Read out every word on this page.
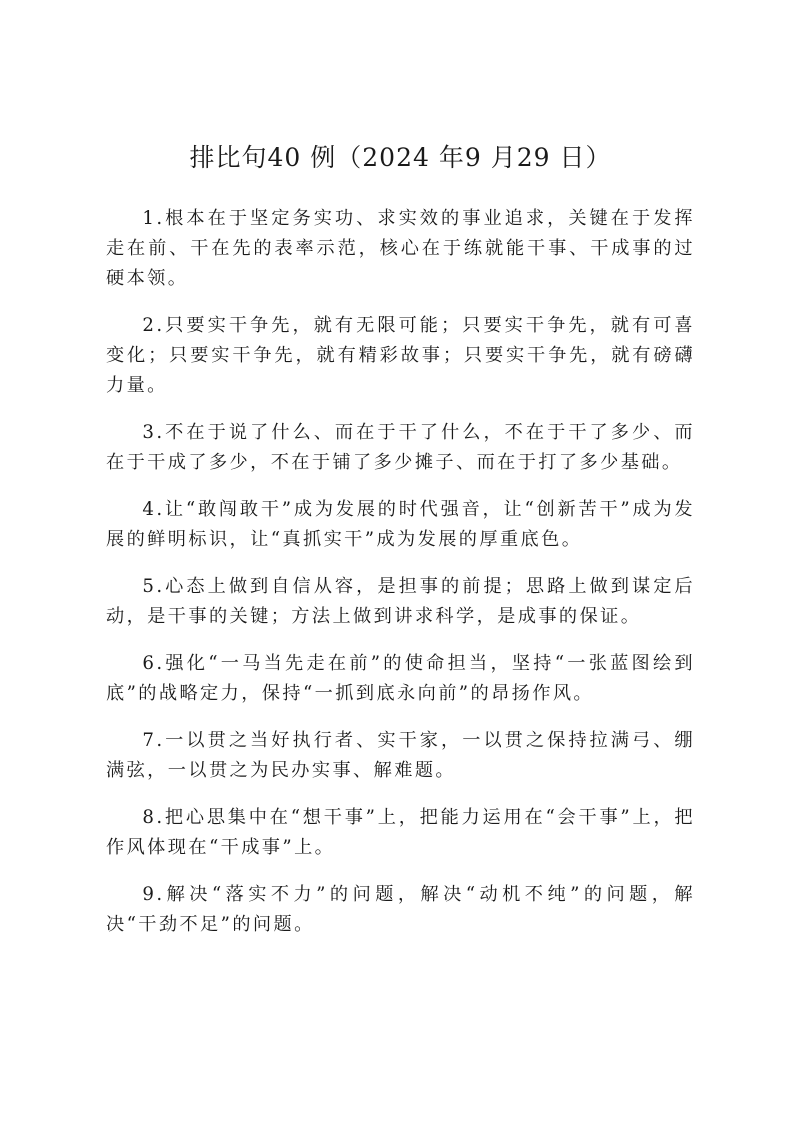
排比句40 例（2024 年9 月29 日）
1.根本在于坚定务实功、求实效的事业追求，关键在于发挥走在前、干在先的表率示范，核心在于练就能干事、干成事的过硬本领。
2.只要实干争先，就有无限可能；只要实干争先，就有可喜变化；只要实干争先，就有精彩故事；只要实干争先，就有磅礴力量。
3.不在于说了什么、而在于干了什么，不在于干了多少、而在于干成了多少，不在于铺了多少摊子、而在于打了多少基础。
4.让“敢闯敢干”成为发展的时代强音，让“创新苦干”成为发展的鲜明标识，让“真抓实干”成为发展的厚重底色。
5.心态上做到自信从容，是担事的前提；思路上做到谋定后动，是干事的关键；方法上做到讲求科学，是成事的保证。
6.强化“一马当先走在前”的使命担当，坚持“一张蓝图绘到底”的战略定力，保持“一抓到底永向前”的昂扬作风。
7.一以贯之当好执行者、实干家，一以贯之保持拉满弓、绷满弦，一以贯之为民办实事、解难题。
8.把心思集中在“想干事”上，把能力运用在“会干事”上，把作风体现在“干成事”上。
9.解决“落实不力”的问题，解决“动机不纯”的问题，解决“干劲不足”的问题。
